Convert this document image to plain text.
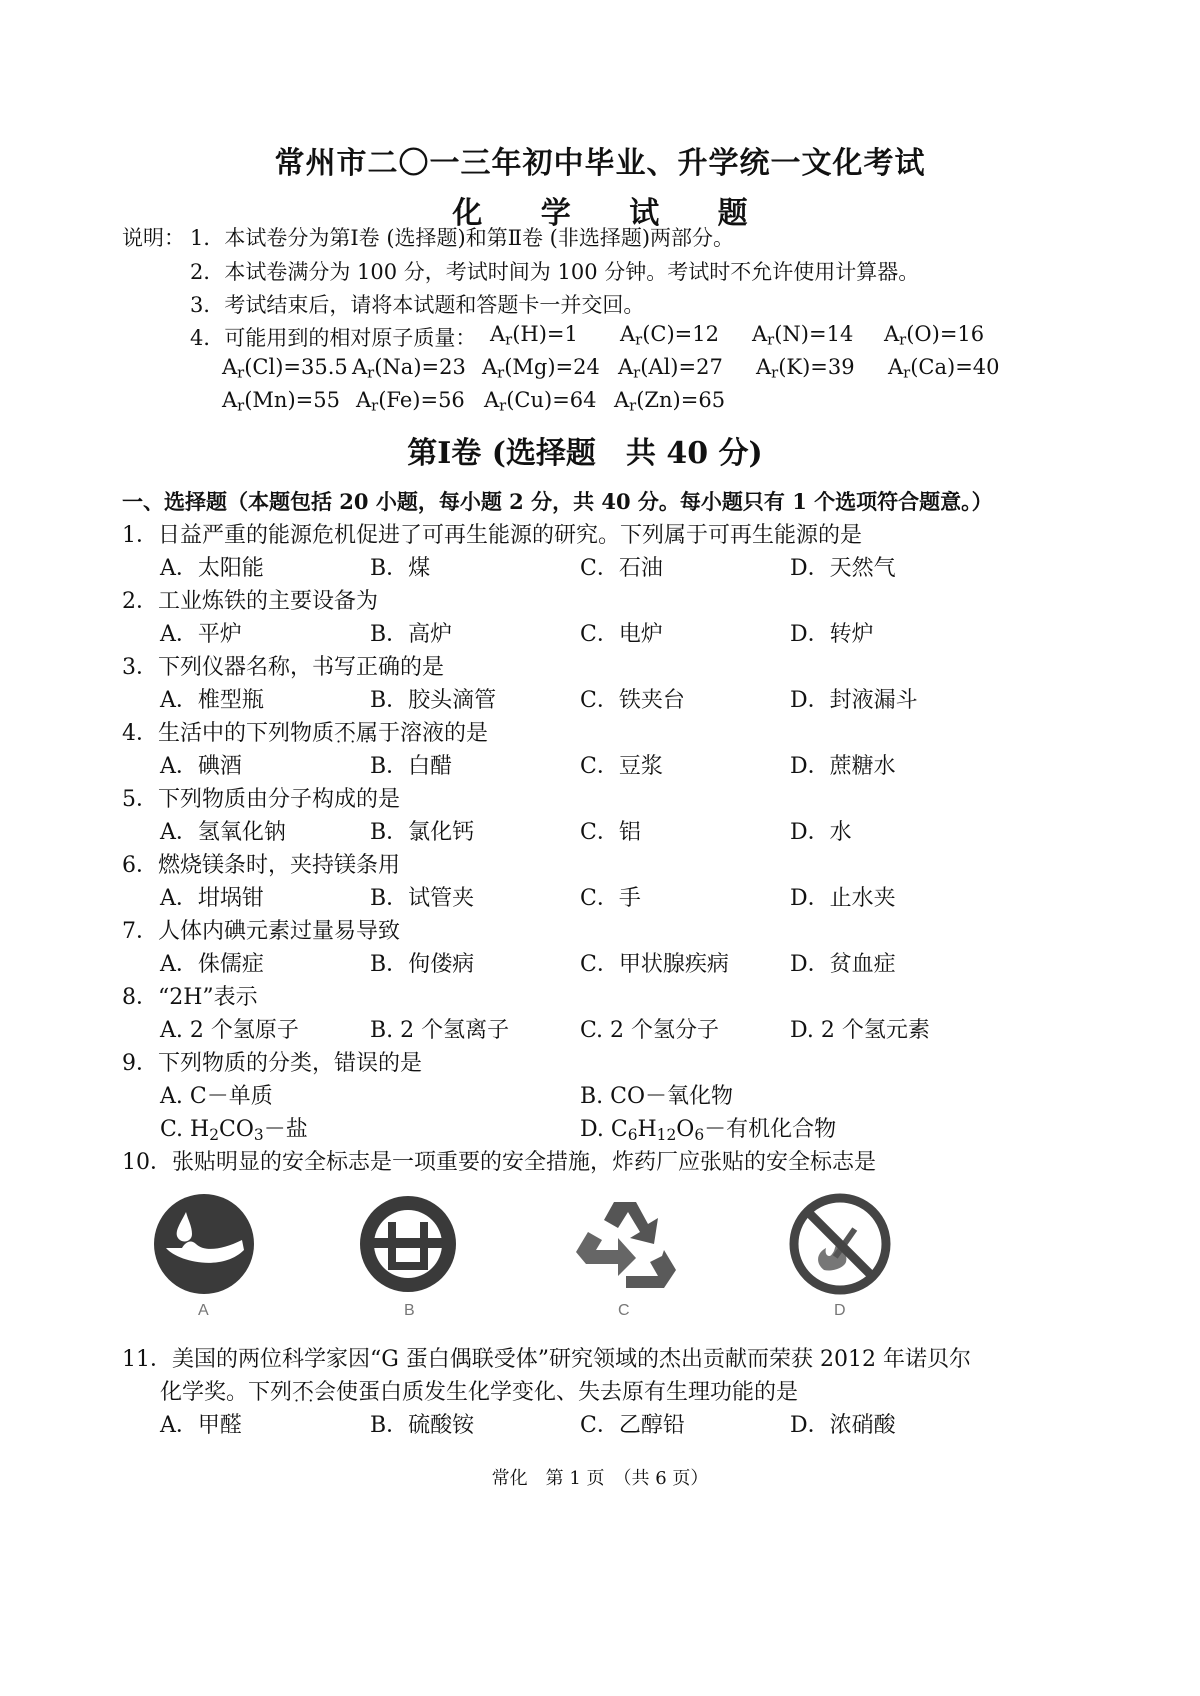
常州市二〇一三年初中毕业、升学统一文化考试
化 学 试 题
说明： 1．本试卷分为第Ⅰ卷 (选择题)和第Ⅱ卷 (非选择题)两部分。
2．本试卷满分为 100 分，考试时间为 100 分钟。考试时不允许使用计算器。
3．考试结束后，请将本试题和答题卡一并交回。
4．可能用到的相对原子质量： $A_r(H)=1$ $A_r(C)=12$ $A_r(N)=14$ $A_r(O)=16$
$A_r(Cl)=35.5$ $A_r(Na)=23$ $A_r(Mg)=24$ $A_r(Al)=27$ $A_r(K)=39$ $A_r(Ca)=40$
$A_r(Mn)=55$ $A_r(Fe)=56$ $A_r(Cu)=64$ $A_r(Zn)=65$
第Ⅰ卷 (选择题　共 40 分)
一、选择题（本题包括 20 小题，每小题 2 分，共 40 分。每小题只有 1 个选项符合题意。）
1．日益严重的能源危机促进了可再生能源的研究。下列属于可再生能源的是
A．太阳能	B．煤	C．石油	D．天然气
2．工业炼铁的主要设备为
A．平炉	B．高炉	C．电炉	D．转炉
3．下列仪器名称，书写正确的是
A．椎型瓶	B．胶头滴管	C．铁夹台	D．封液漏斗
4．生活中的下列物质不属于 · · ·溶液的是
A．碘酒	B．白醋	C．豆浆	D．蔗糖水
5．下列物质由分子构成的是
A．氢氧化钠	B．氯化钙	C．铝	D．水
6．燃烧镁条时，夹持镁条用
A．坩埚钳	B．试管夹	C．手	D．止水夹
7．人体内碘元素过量易导致
A．侏儒症	B．佝偻病	C．甲状腺疾病	D．贫血症
8．“2H”表示
A. 2 个氢原子	B. 2 个氢离子	C. 2 个氢分子	D. 2 个氢元素
9．下列物质的分类，错误的是
A. C－单质	B. CO－氧化物
C. $H_2CO_3-$盐	D. $C_6H_{12}O_6-$有机化合物
10．张贴明显的安全标志是一项重要的安全措施，炸药厂应张贴的安全标志是
A	B	C	D
11．美国的两位科学家因“G 蛋白偶联受体”研究领域的杰出贡献而荣获 2012 年诺贝尔
化学奖。下列不会 · ·使蛋白质发生化学变化、失去原有生理功能的是
A．甲醛	B．硫酸铵	C．乙醇铅	D．浓硝酸
常化　第 1 页　（共 6 页）
